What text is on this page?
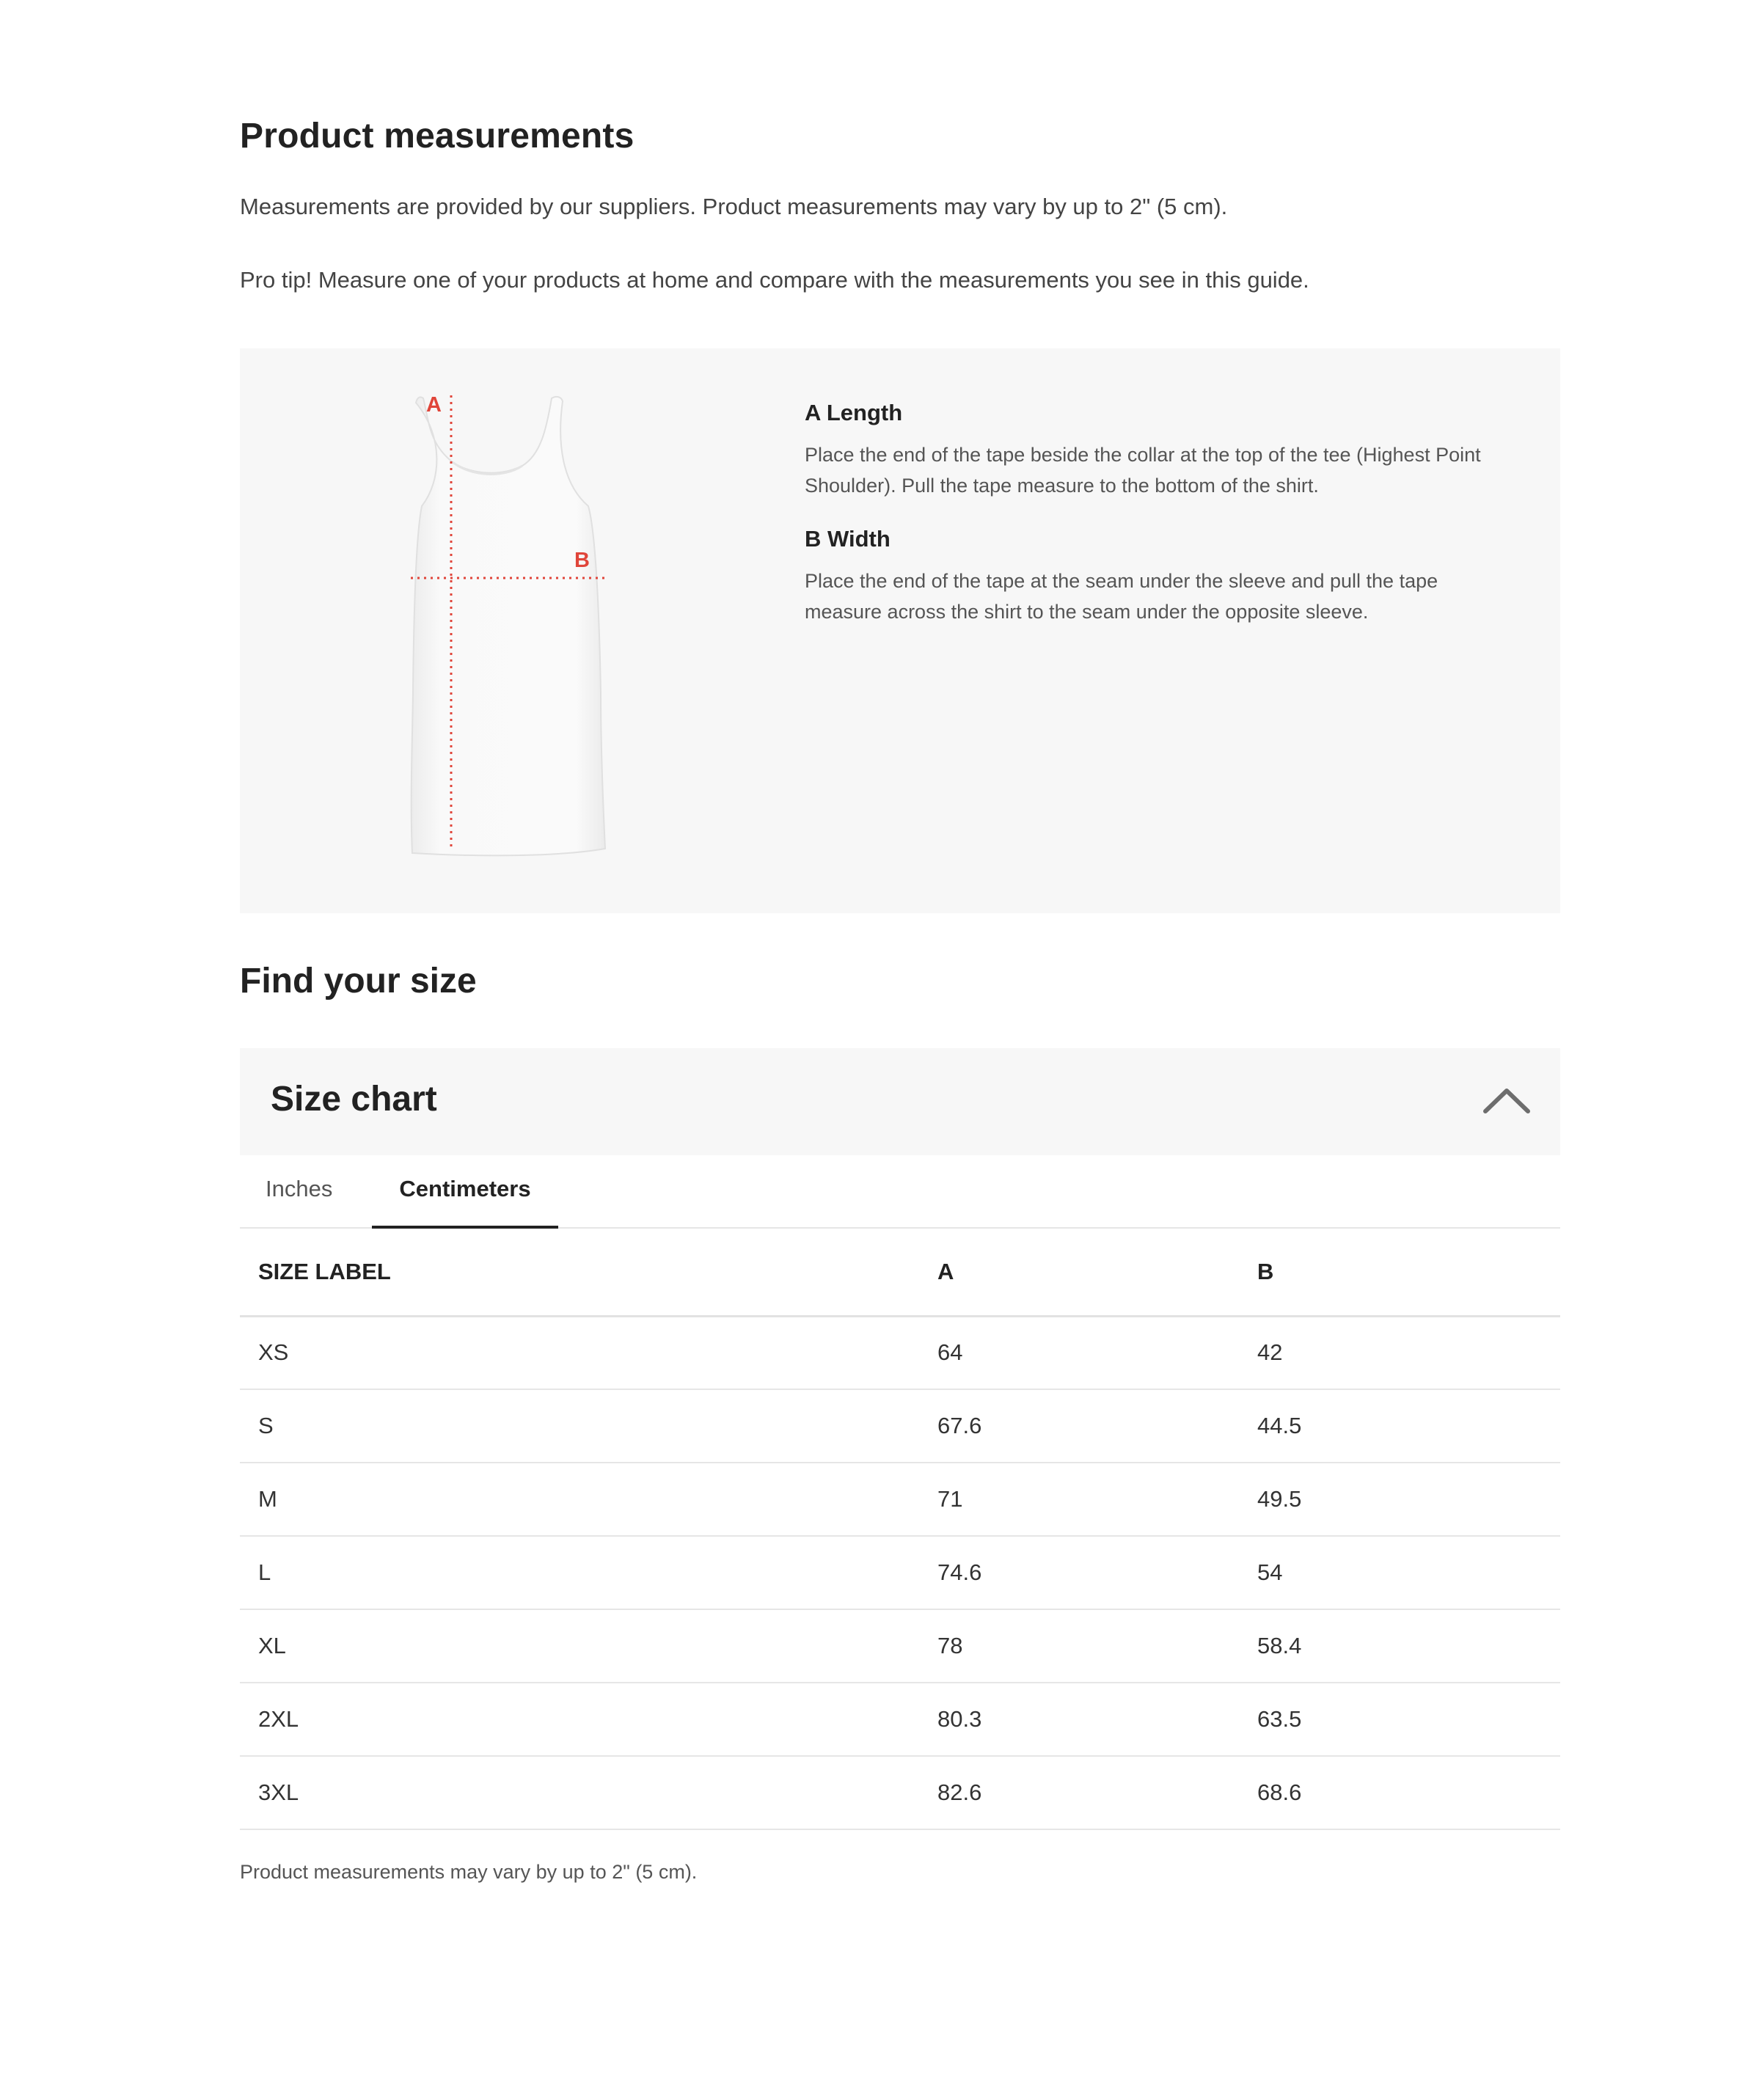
Product measurements

Measurements are provided by our suppliers. Product measurements may vary by up to 2" (5 cm).

Pro tip! Measure one of your products at home and compare with the measurements you see in this guide.

A
B
A Length

Place the end of the tape beside the collar at the top of the tee (Highest Point Shoulder). Pull the tape measure to the bottom of the shirt.

B Width

Place the end of the tape at the seam under the sleeve and pull the tape measure across the shirt to the seam under the opposite sleeve.

Find your size
Size chart
Inches	Centimeters
SIZE LABEL	A	B
XS	64	42
S	67.6	44.5
M	71	49.5
L	74.6	54
XL	78	58.4
2XL	80.3	63.5
3XL	82.6	68.6

Product measurements may vary by up to 2" (5 cm).
